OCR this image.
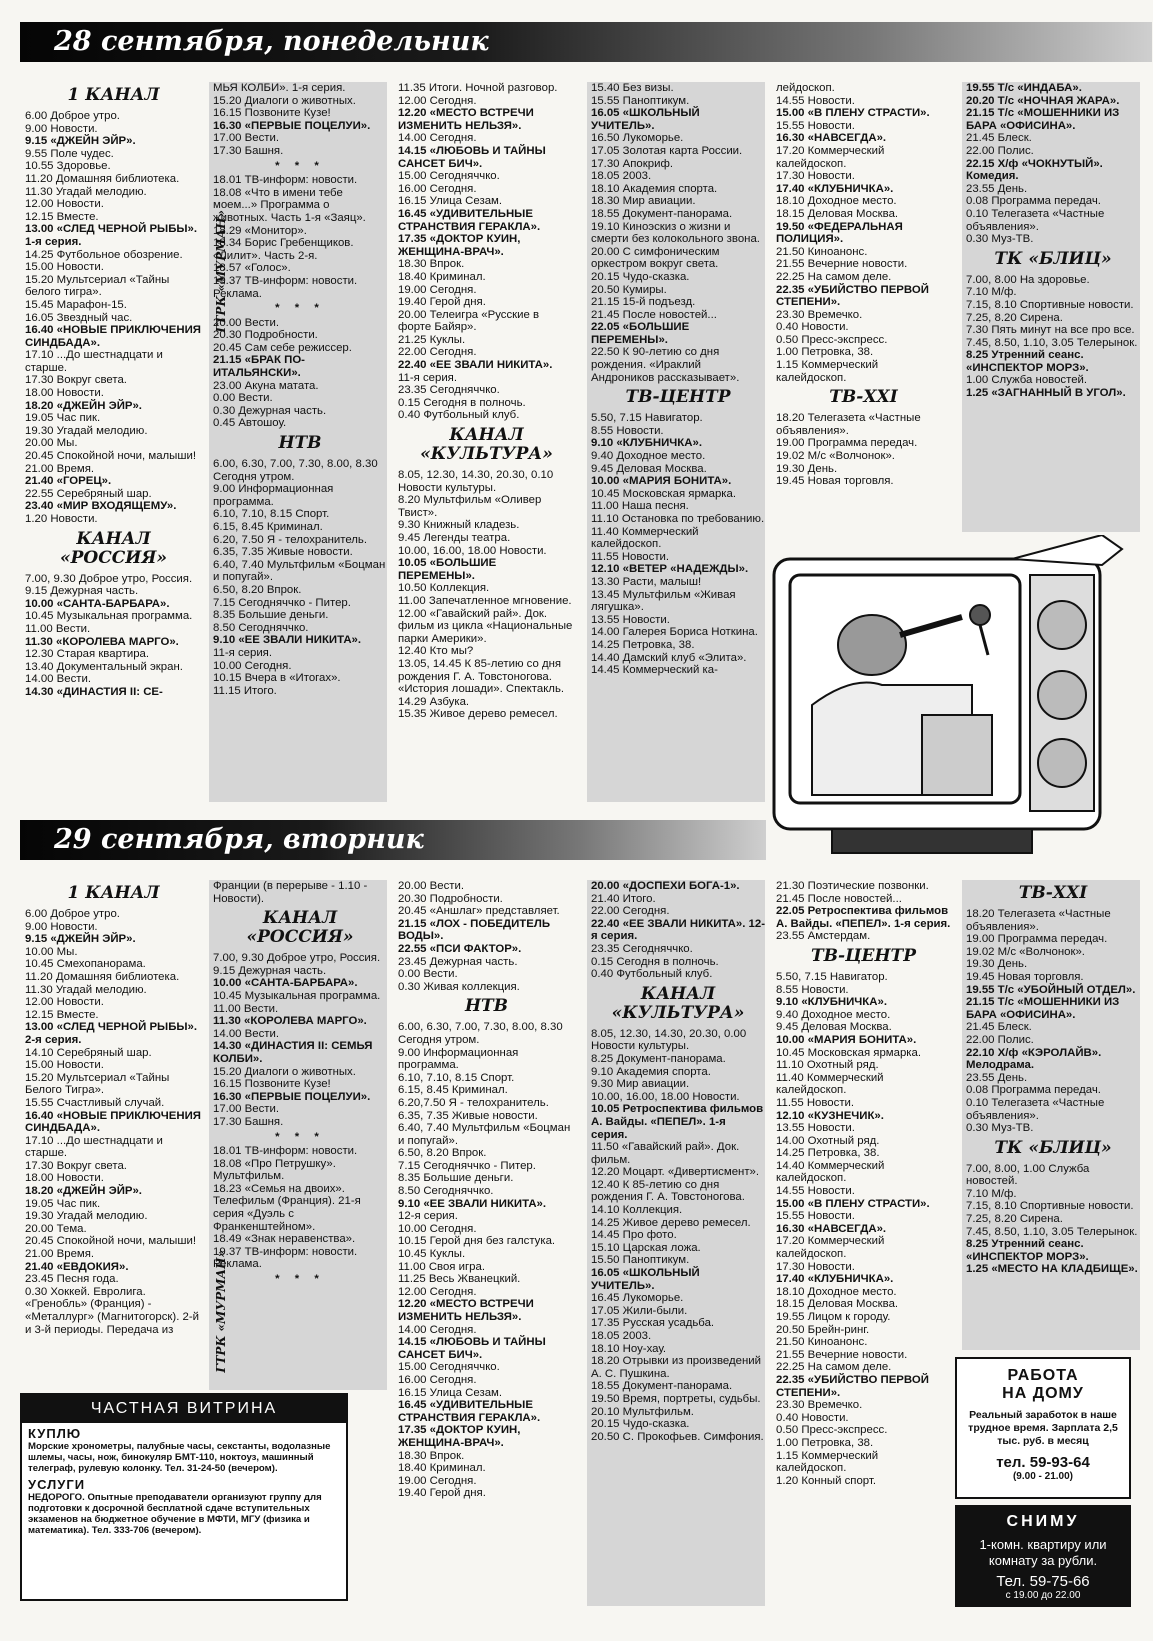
28 сентября, понедельник
29 сентября, вторник
1 КАНАЛ
6.00 Доброе утро.
9.00 Новости.
9.15 «ДЖЕЙН ЭЙР».
9.55 Поле чудес.
10.55 Здоровье.
11.20 Домашняя библиотека.
11.30 Угадай мелодию.
12.00 Новости.
12.15 Вместе.
13.00 «СЛЕД ЧЕРНОЙ РЫБЫ». 1-я серия.
14.25 Футбольное обозрение.
15.00 Новости.
15.20 Мультсериал «Тайны белого тигра».
15.45 Марафон-15.
16.05 Звездный час.
16.40 «НОВЫЕ ПРИКЛЮЧЕНИЯ СИНДБАДА».
17.10 ...До шестнадцати и старше.
17.30 Вокруг света.
18.00 Новости.
18.20 «ДЖЕЙН ЭЙР».
19.05 Час пик.
19.30 Угадай мелодию.
20.00 Мы.
20.45 Спокойной ночи, малыши!
21.00 Время.
21.40 «ГОРЕЦ».
22.55 Серебряный шар.
23.40 «МИР ВХОДЯЩЕМУ».
1.20 Новости.
КАНАЛ «РОССИЯ»
7.00, 9.30 Доброе утро, Россия.
9.15 Дежурная часть.
10.00 «САНТА-БАРБАРА».
10.45 Музыкальная программа.
11.00 Вести.
11.30 «КОРОЛЕВА МАРГО».
12.30 Старая квартира.
13.40 Документальный экран.
14.00 Вести.
14.30 «ДИНАСТИЯ II: СЕ-
МЬЯ КОЛБИ». 1-я серия.
15.20 Диалоги о животных.
16.15 Позвоните Кузе!
16.30 «ПЕРВЫЕ ПОЦЕЛУИ».
17.00 Вести.
17.30 Башня.
* * *
18.01 ТВ-информ: новости.
18.08 «Что в имени тебе моем...» Программа о животных. Часть 1-я «Заяц».
18.29 «Монитор».
18.34 Борис Гребенщиков. «Лилит». Часть 2-я.
18.57 «Голос».
19.37 ТВ-информ: новости. Реклама.
* * *
20.00 Вести.
20.30 Подробности.
20.45 Сам себе режиссер.
21.15 «БРАК ПО-ИТАЛЬЯНСКИ».
23.00 Акуна матата.
0.00 Вести.
0.30 Дежурная часть.
0.45 Автошоу.
НТВ
6.00, 6.30, 7.00, 7.30, 8.00, 8.30 Сегодня утром.
9.00 Информационная программа.
6.10, 7.10, 8.15 Спорт.
6.15, 8.45 Криминал.
6.20, 7.50 Я - телохранитель.
6.35, 7.35 Живые новости.
6.40, 7.40 Мультфильм «Боцман и попугай».
6.50, 8.20 Впрок.
7.15 Сегодняччко - Питер.
8.35 Большие деньги.
8.50 Сегодняччко.
9.10 «ЕЕ ЗВАЛИ НИКИТА».
11-я серия.
10.00 Сегодня.
10.15 Вчера в «Итогах».
11.15 Итого.
11.35 Итоги. Ночной разговор.
12.00 Сегодня.
12.20 «МЕСТО ВСТРЕЧИ ИЗМЕНИТЬ НЕЛЬЗЯ».
14.00 Сегодня.
14.15 «ЛЮБОВЬ И ТАЙНЫ САНСЕТ БИЧ».
15.00 Сегодняччко.
16.00 Сегодня.
16.15 Улица Сезам.
16.45 «УДИВИТЕЛЬНЫЕ СТРАНСТВИЯ ГЕРАКЛА».
17.35 «ДОКТОР КУИН, ЖЕНЩИНА-ВРАЧ».
18.30 Впрок.
18.40 Криминал.
19.00 Сегодня.
19.40 Герой дня.
20.00 Телеигра «Русские в форте Байяр».
21.25 Куклы.
22.00 Сегодня.
22.40 «ЕЕ ЗВАЛИ НИКИТА».
11-я серия.
23.35 Сегодняччко.
0.15 Сегодня в полночь.
0.40 Футбольный клуб.
КАНАЛ «КУЛЬТУРА»
8.05, 12.30, 14.30, 20.30, 0.10 Новости культуры.
8.20 Мультфильм «Оливер Твист».
9.30 Книжный кладезь.
9.45 Легенды театра.
10.00, 16.00, 18.00 Новости.
10.05 «БОЛЬШИЕ ПЕРЕМЕНЫ».
10.50 Коллекция.
11.00 Запечатленное мгновение.
12.00 «Гавайский рай». Док. фильм из цикла «Национальные парки Америки».
12.40 Кто мы?
13.05, 14.45 К 85-летию со дня рождения Г. А. Товстоногова. «История лошади». Спектакль.
14.29 Азбука.
15.35 Живое дерево ремесел.
15.40 Без визы.
15.55 Паноптикум.
16.05 «ШКОЛЬНЫЙ УЧИТЕЛЬ».
16.50 Лукоморье.
17.05 Золотая карта России.
17.30 Апокриф.
18.05 2003.
18.10 Академия спорта.
18.30 Мир авиации.
18.55 Документ-панорама.
19.10 Киноэскиз о жизни и смерти без колокольного звона.
20.00 С симфоническим оркестром вокруг света.
20.15 Чудо-сказка.
20.50 Кумиры.
21.15 15-й подъезд.
21.45 После новостей...
22.05 «БОЛЬШИЕ ПЕРЕМЕНЫ».
22.50 К 90-летию со дня рождения. «Ираклий Андроников рассказывает».
ТВ-ЦЕНТР
5.50, 7.15 Навигатор.
8.55 Новости.
9.10 «КЛУБНИЧКА».
9.40 Доходное место.
9.45 Деловая Москва.
10.00 «МАРИЯ БОНИТА».
10.45 Московская ярмарка.
11.00 Наша песня.
11.10 Остановка по требованию.
11.40 Коммерческий калейдоскоп.
11.55 Новости.
12.10 «ВЕТЕР «НАДЕЖДЫ».
13.30 Расти, малыш!
13.45 Мультфильм «Живая лягушка».
13.55 Новости.
14.00 Галерея Бориса Ноткина.
14.25 Петровка, 38.
14.40 Дамский клуб «Элита».
14.45 Коммерческий ка-
лейдоскоп.
14.55 Новости.
15.00 «В ПЛЕНУ СТРАСТИ».
15.55 Новости.
16.30 «НАВСЕГДА».
17.20 Коммерческий калейдоскоп.
17.30 Новости.
17.40 «КЛУБНИЧКА».
18.10 Доходное место.
18.15 Деловая Москва.
19.50 «ФЕДЕРАЛЬНАЯ ПОЛИЦИЯ».
21.50 Киноанонс.
21.55 Вечерние новости.
22.25 На самом деле.
22.35 «УБИЙСТВО ПЕРВОЙ СТЕПЕНИ».
23.30 Времечко.
0.40 Новости.
0.50 Пресс-экспресс.
1.00 Петровка, 38.
1.15 Коммерческий калейдоскоп.
ТВ-XXI
18.20 Телегазета «Частные объявления».
19.00 Программа передач.
19.02 М/с «Волчонок».
19.30 День.
19.45 Новая торговля.
19.55 Т/с «ИНДАБА».
20.20 Т/с «НОЧНАЯ ЖАРА».
21.15 Т/с «МОШЕННИКИ ИЗ БАРА «ОФИСИНА».
21.45 Блеск.
22.00 Полис.
22.15 Х/ф «ЧОКНУТЫЙ». Комедия.
23.55 День.
0.08 Программа передач.
0.10 Телегазета «Частные объявления».
0.30 Муз-ТВ.
ТК «БЛИЦ»
7.00, 8.00 На здоровье.
7.10 М/ф.
7.15, 8.10 Спортивные новости.
7.25, 8.20 Сирена.
7.30 Пять минут на все про все.
7.45, 8.50, 1.10, 3.05 Телерынок.
8.25 Утренний сеанс. «ИНСПЕКТОР МОРЗ».
1.00 Служба новостей.
1.25 «ЗАГНАННЫЙ В УГОЛ».
ГТРК «МУРМАН»
1 КАНАЛ
6.00 Доброе утро.
9.00 Новости.
9.15 «ДЖЕЙН ЭЙР».
10.00 Мы.
10.45 Смехопанорама.
11.20 Домашняя библиотека.
11.30 Угадай мелодию.
12.00 Новости.
12.15 Вместе.
13.00 «СЛЕД ЧЕРНОЙ РЫБЫ». 2-я серия.
14.10 Серебряный шар.
15.00 Новости.
15.20 Мультсериал «Тайны Белого Тигра».
15.55 Счастливый случай.
16.40 «НОВЫЕ ПРИКЛЮЧЕНИЯ СИНДБАДА».
17.10 ...До шестнадцати и старше.
17.30 Вокруг света.
18.00 Новости.
18.20 «ДЖЕЙН ЭЙР».
19.05 Час пик.
19.30 Угадай мелодию.
20.00 Тема.
20.45 Спокойной ночи, малыши!
21.00 Время.
21.40 «ЕВДОКИЯ».
23.45 Песня года.
0.30 Хоккей. Евролига. «Гренобль» (Франция) - «Металлург» (Магнитогорск). 2-й и 3-й периоды. Передача из
Франции (в перерыве - 1.10 - Новости).
КАНАЛ «РОССИЯ»
7.00, 9.30 Доброе утро, Россия.
9.15 Дежурная часть.
10.00 «САНТА-БАРБАРА».
10.45 Музыкальная программа.
11.00 Вести.
11.30 «КОРОЛЕВА МАРГО».
14.00 Вести.
14.30 «ДИНАСТИЯ II: СЕМЬЯ КОЛБИ».
15.20 Диалоги о животных.
16.15 Позвоните Кузе!
16.30 «ПЕРВЫЕ ПОЦЕЛУИ».
17.00 Вести.
17.30 Башня.
* * *
18.01 ТВ-информ: новости.
18.08 «Про Петрушку». Мультфильм.
18.23 «Семья на двоих». Телефильм (Франция). 21-я серия «Дуэль с Франкенштейном».
18.49 «Знак неравенства».
19.37 ТВ-информ: новости. Реклама.
* * *
20.00 Вести.
20.30 Подробности.
20.45 «Аншлаг» представляет.
21.15 «ЛОХ - ПОБЕДИТЕЛЬ ВОДЫ».
22.55 «ПСИ ФАКТОР».
23.45 Дежурная часть.
0.00 Вести.
0.30 Живая коллекция.
НТВ
6.00, 6.30, 7.00, 7.30, 8.00, 8.30 Сегодня утром.
9.00 Информационная программа.
6.10, 7.10, 8.15 Спорт.
6.15, 8.45 Криминал.
6.20,7.50 Я - телохранитель.
6.35, 7.35 Живые новости.
6.40, 7.40 Мультфильм «Боцман и попугай».
6.50, 8.20 Впрок.
7.15 Сегодняччко - Питер.
8.35 Большие деньги.
8.50 Сегодняччко.
9.10 «ЕЕ ЗВАЛИ НИКИТА».
12-я серия.
10.00 Сегодня.
10.15 Герой дня без галстука.
10.45 Куклы.
11.00 Своя игра.
11.25 Весь Жванецкий.
12.00 Сегодня.
12.20 «МЕСТО ВСТРЕЧИ ИЗМЕНИТЬ НЕЛЬЗЯ».
14.00 Сегодня.
14.15 «ЛЮБОВЬ И ТАЙНЫ САНСЕТ БИЧ».
15.00 Сегодняччко.
16.00 Сегодня.
16.15 Улица Сезам.
16.45 «УДИВИТЕЛЬНЫЕ СТРАНСТВИЯ ГЕРАКЛА».
17.35 «ДОКТОР КУИН, ЖЕНЩИНА-ВРАЧ».
18.30 Впрок.
18.40 Криминал.
19.00 Сегодня.
19.40 Герой дня.
20.00 «ДОСПЕХИ БОГА-1».
21.40 Итого.
22.00 Сегодня.
22.40 «ЕЕ ЗВАЛИ НИКИТА». 12-я серия.
23.35 Сегодняччко.
0.15 Сегодня в полночь.
0.40 Футбольный клуб.
КАНАЛ «КУЛЬТУРА»
8.05, 12.30, 14.30, 20.30, 0.00 Новости культуры.
8.25 Документ-панорама.
9.10 Академия спорта.
9.30 Мир авиации.
10.00, 16.00, 18.00 Новости.
10.05 Ретроспектива фильмов А. Вайды. «ПЕПЕЛ». 1-я серия.
11.50 «Гавайский рай». Док. фильм.
12.20 Моцарт. «Дивертисмент».
12.40 К 85-летию со дня рождения Г. А. Товстоногова.
14.10 Коллекция.
14.25 Живое дерево ремесел.
14.45 Про фото.
15.10 Царская ложа.
15.50 Паноптикум.
16.05 «ШКОЛЬНЫЙ УЧИТЕЛЬ».
16.45 Лукоморье.
17.05 Жили-были.
17.35 Русская усадьба.
18.05 2003.
18.10 Ноу-хау.
18.20 Отрывки из произведений А. С. Пушкина.
18.55 Документ-панорама.
19.50 Время, портреты, судьбы.
20.10 Мультфильм.
20.15 Чудо-сказка.
20.50 С. Прокофьев. Симфония.
21.30 Поэтические позвонки.
21.45 После новостей...
22.05 Ретроспектива фильмов А. Вайды. «ПЕПЕЛ». 1-я серия.
23.55 Амстердам.
ТВ-ЦЕНТР
5.50, 7.15 Навигатор.
8.55 Новости.
9.10 «КЛУБНИЧКА».
9.40 Доходное место.
9.45 Деловая Москва.
10.00 «МАРИЯ БОНИТА».
10.45 Московская ярмарка.
11.10 Охотный ряд.
11.40 Коммерческий калейдоскоп.
11.55 Новости.
12.10 «КУЗНЕЧИК».
13.55 Новости.
14.00 Охотный ряд.
14.25 Петровка, 38.
14.40 Коммерческий калейдоскоп.
14.55 Новости.
15.00 «В ПЛЕНУ СТРАСТИ».
15.55 Новости.
16.30 «НАВСЕГДА».
17.20 Коммерческий калейдоскоп.
17.30 Новости.
17.40 «КЛУБНИЧКА».
18.10 Доходное место.
18.15 Деловая Москва.
19.55 Лицом к городу.
20.50 Брейн-ринг.
21.50 Киноанонс.
21.55 Вечерние новости.
22.25 На самом деле.
22.35 «УБИЙСТВО ПЕРВОЙ СТЕПЕНИ».
23.30 Времечко.
0.40 Новости.
0.50 Пресс-экспресс.
1.00 Петровка, 38.
1.15 Коммерческий калейдоскоп.
1.20 Конный спорт.
ТВ-XXI
18.20 Телегазета «Частные объявления».
19.00 Программа передач.
19.02 М/с «Волчонок».
19.30 День.
19.45 Новая торговля.
19.55 Т/с «УБОЙНЫЙ ОТДЕЛ».
21.15 Т/с «МОШЕННИКИ ИЗ БАРА «ОФИСИНА».
21.45 Блеск.
22.00 Полис.
22.10 Х/ф «КЭРОЛАЙВ». Мелодрама.
23.55 День.
0.08 Программа передач.
0.10 Телегазета «Частные объявления».
0.30 Муз-ТВ.
ТК «БЛИЦ»
7.00, 8.00, 1.00 Служба новостей.
7.10 М/ф.
7.15, 8.10 Спортивные новости.
7.25, 8.20 Сирена.
7.45, 8.50, 1.10, 3.05 Телерынок.
8.25 Утренний сеанс. «ИНСПЕКТОР МОРЗ».
1.25 «МЕСТО НА КЛАДБИЩЕ».
ГТРК «МУРМАН»
ЧАСТНАЯ ВИТРИНА
КУПЛЮ
Морские хронометры, палубные часы, секстанты, водолазные шлемы, часы, нож, бинокуляр БМТ-110, ноктоуз, машинный телеграф, рулевую колонку. Тел. 31-24-50 (вечером).
УСЛУГИ
НЕДОРОГО. Опытные преподаватели организуют группу для подготовки к досрочной бесплатной сдаче вступительных экзаменов на бюджетное обучение в МФТИ, МГУ (физика и математика). Тел. 333-706 (вечером).
РАБОТА
НА ДОМУ
Реальный заработок в наше трудное время. Зарплата 2,5 тыс. руб. в месяц
тел. 59-93-64
(9.00 - 21.00)
СНИМУ
1-комн. квартиру или комнату за рубли.
Тел. 59-75-66
с 19.00 до 22.00
